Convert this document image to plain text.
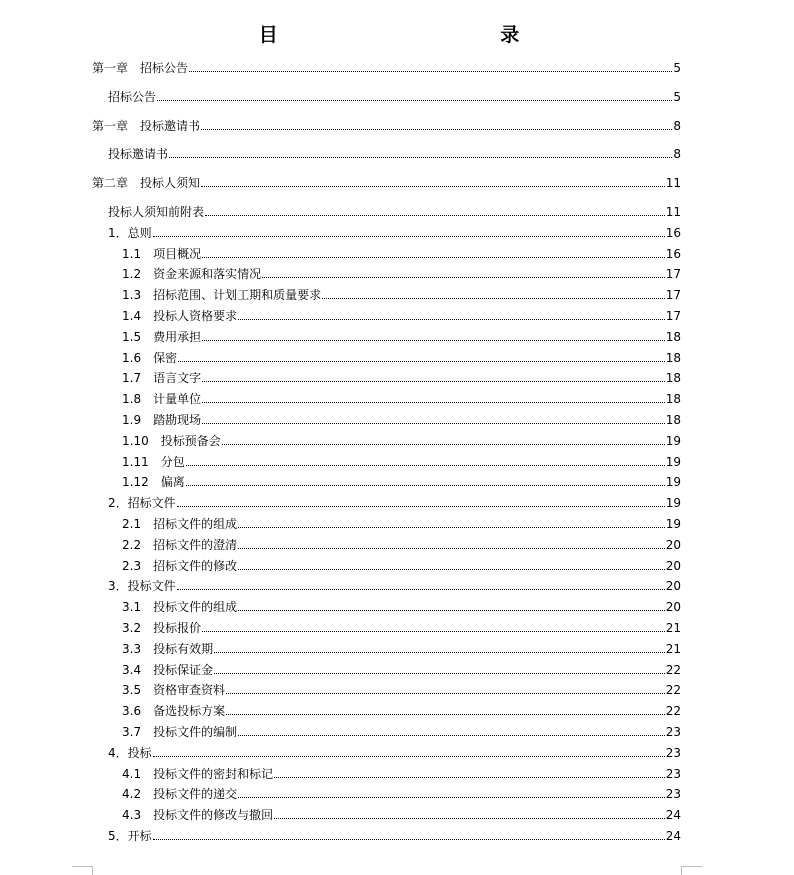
目 录
第一章　招标公告	5
招标公告	5
第一章　投标邀请书	8
投标邀请书	8
第二章　投标人须知	11
投标人须知前附表	11
1．总则	16
1.1　项目概况	16
1.2　资金来源和落实情况	17
1.3　招标范围、计划工期和质量要求	17
1.4　投标人资格要求	17
1.5　费用承担	18
1.6　保密	18
1.7　语言文字	18
1.8　计量单位	18
1.9　踏勘现场	18
1.10　投标预备会	19
1.11　分包	19
1.12　偏离	19
2．招标文件	19
2.1　招标文件的组成	19
2.2　招标文件的澄清	20
2.3　招标文件的修改	20
3．投标文件	20
3.1　投标文件的组成	20
3.2　投标报价	21
3.3　投标有效期	21
3.4　投标保证金	22
3.5　资格审查资料	22
3.6　备选投标方案	22
3.7　投标文件的编制	23
4．投标	23
4.1　投标文件的密封和标记	23
4.2　投标文件的递交	23
4.3　投标文件的修改与撤回	24
5．开标	24
